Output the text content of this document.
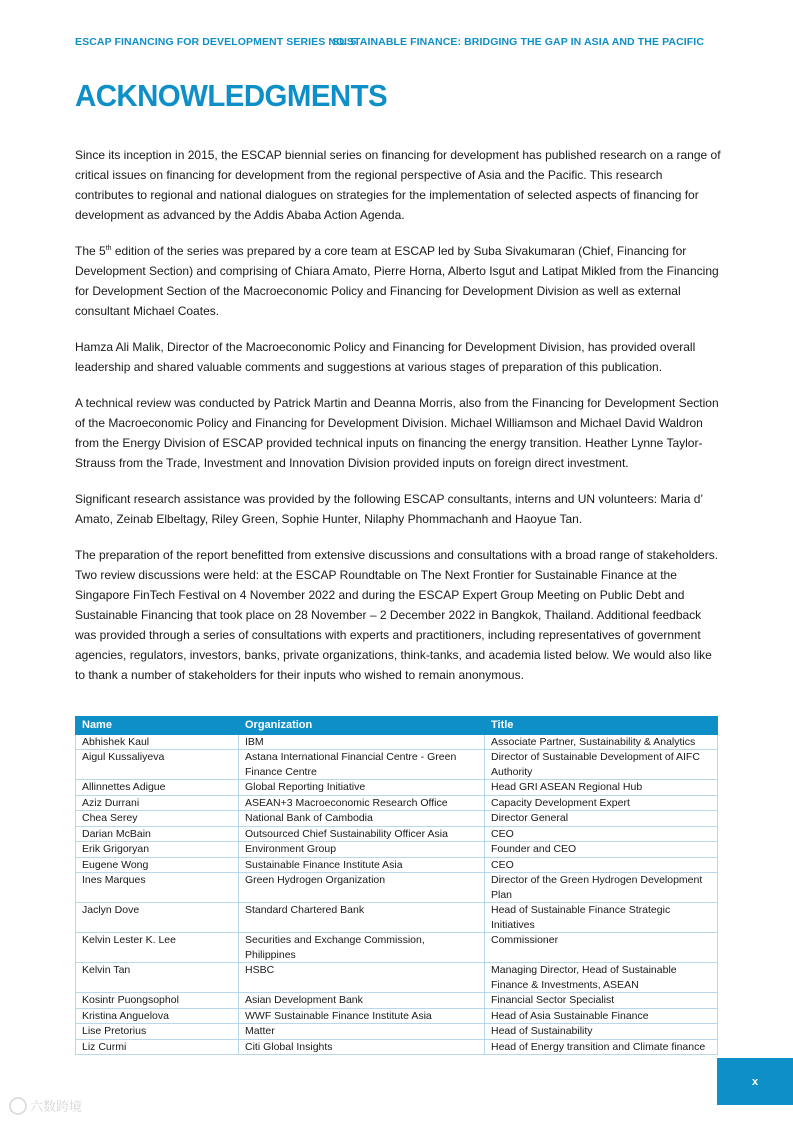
ESCAP FINANCING FOR DEVELOPMENT SERIES NO. 5
SUSTAINABLE FINANCE: BRIDGING THE GAP IN ASIA AND THE PACIFIC
ACKNOWLEDGMENTS

Since its inception in 2015, the ESCAP biennial series on financing for development has published research on a range of critical issues on financing for development from the regional perspective of Asia and the Pacific. This research contributes to regional and national dialogues on strategies for the implementation of selected aspects of financing for development as advanced by the Addis Ababa Action Agenda.

The 5th edition of the series was prepared by a core team at ESCAP led by Suba Sivakumaran (Chief, Financing for Development Section) and comprising of Chiara Amato, Pierre Horna, Alberto Isgut and Latipat Mikled from the Financing for Development Section of the Macroeconomic Policy and Financing for Development Division as well as external consultant Michael Coates.

Hamza Ali Malik, Director of the Macroeconomic Policy and Financing for Development Division, has provided overall leadership and shared valuable comments and suggestions at various stages of preparation of this publication.

A technical review was conducted by Patrick Martin and Deanna Morris, also from the Financing for Development Section of the Macroeconomic Policy and Financing for Development Division. Michael Williamson and Michael David Waldron from the Energy Division of ESCAP provided technical inputs on financing the energy transition. Heather Lynne Taylor-Strauss from the Trade, Investment and Innovation Division provided inputs on foreign direct investment.

Significant research assistance was provided by the following ESCAP consultants, interns and UN volunteers: Maria d’ Amato, Zeinab Elbeltagy, Riley Green, Sophie Hunter, Nilaphy Phommachanh and Haoyue Tan.

The preparation of the report benefitted from extensive discussions and consultations with a broad range of stakeholders. Two review discussions were held: at the ESCAP Roundtable on The Next Frontier for Sustainable Finance at the Singapore FinTech Festival on 4 November 2022 and during the ESCAP Expert Group Meeting on Public Debt and Sustainable Financing that took place on 28 November – 2 December 2022 in Bangkok, Thailand. Additional feedback was provided through a series of consultations with experts and practitioners, including representatives of government agencies, regulators, investors, banks, private organizations, think-tanks, and academia listed below. We would also like to thank a number of stakeholders for their inputs who wished to remain anonymous.

Name	Organization	Title
Abhishek Kaul	IBM	Associate Partner, Sustainability & Analytics
Aigul Kussaliyeva	Astana International Financial Centre - Green Finance Centre	Director of Sustainable Development of AIFC Authority
Allinnettes Adigue	Global Reporting Initiative	Head GRI ASEAN Regional Hub
Aziz Durrani	ASEAN+3 Macroeconomic Research Office	Capacity Development Expert
Chea Serey	National Bank of Cambodia	Director General
Darian McBain	Outsourced Chief Sustainability Officer Asia	CEO
Erik Grigoryan	Environment Group	Founder and CEO
Eugene Wong	Sustainable Finance Institute Asia	CEO
Ines Marques	Green Hydrogen Organization	Director of the Green Hydrogen Development Plan
Jaclyn Dove	Standard Chartered Bank	Head of Sustainable Finance Strategic Initiatives
Kelvin Lester K. Lee	Securities and Exchange Commission, Philippines	Commissioner
Kelvin Tan	HSBC	Managing Director, Head of Sustainable Finance & Investments, ASEAN
Kosintr Puongsophol	Asian Development Bank	Financial Sector Specialist
Kristina Anguelova	WWF Sustainable Finance Institute Asia	Head of Asia Sustainable Finance
Lise Pretorius	Matter	Head of Sustainability
Liz Curmi	Citi Global Insights	Head of Energy transition and Climate finance
x
六数跨境
